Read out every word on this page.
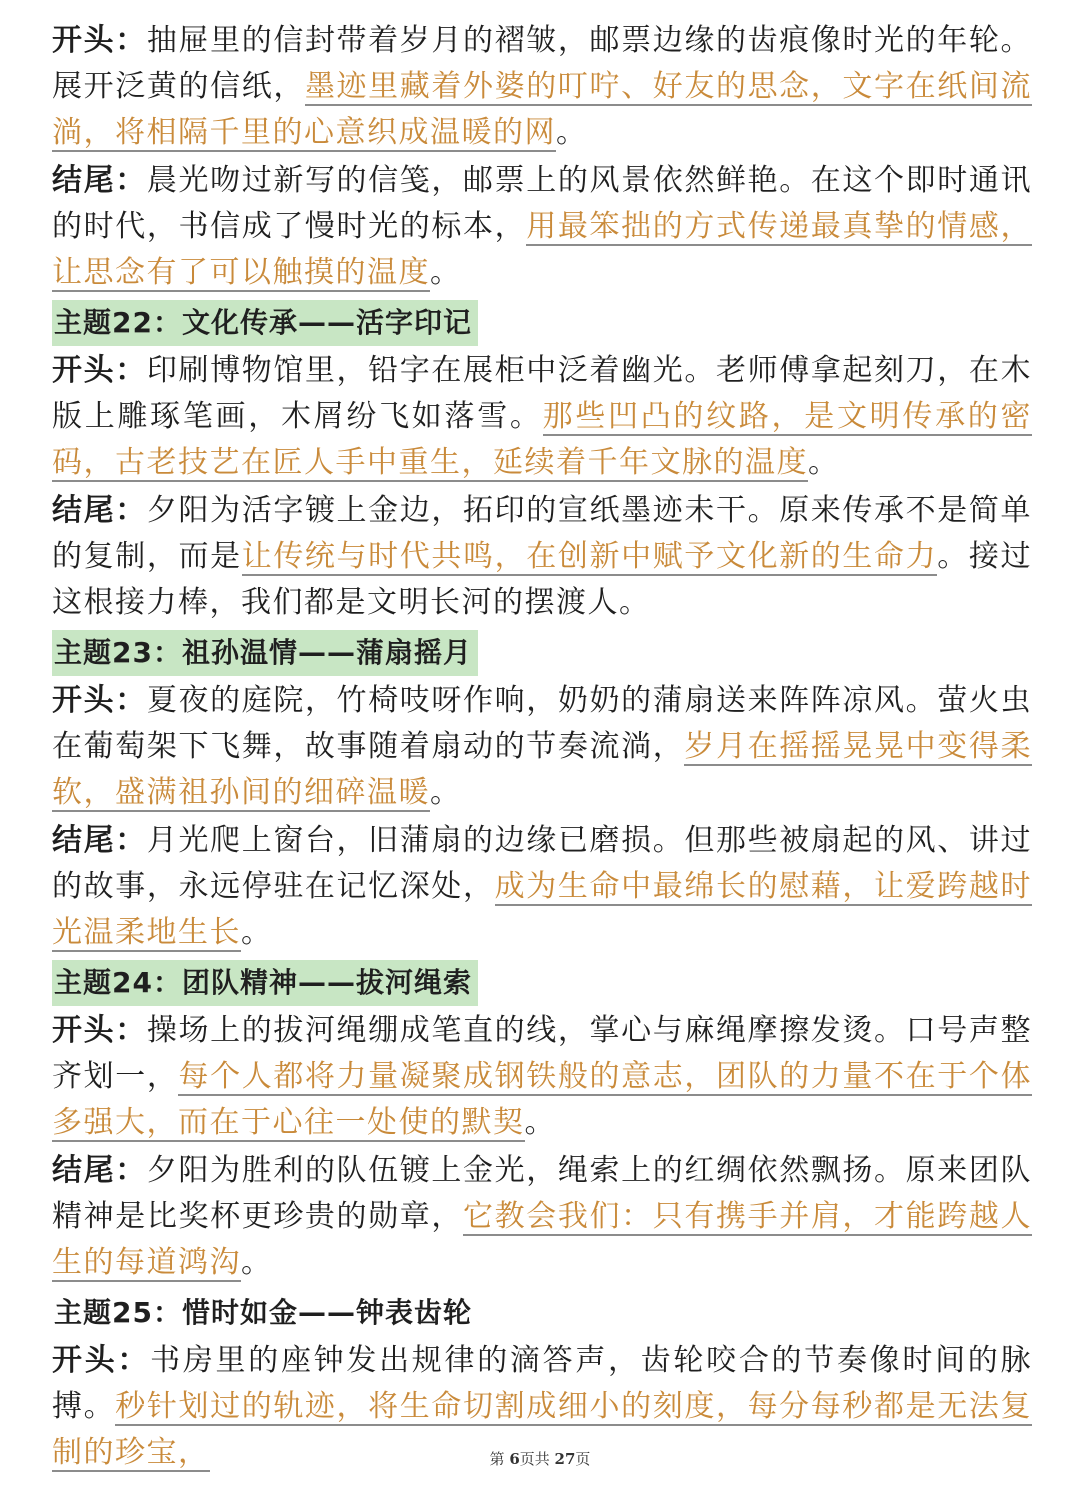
开头：抽屉里的信封带着岁月的褶皱，邮票边缘的齿痕像时光的年轮。展开泛黄的信纸，墨迹里藏着外婆的叮咛、好友的思念，文字在纸间流淌，将相隔千里的心意织成温暖的网。

结尾：晨光吻过新写的信笺，邮票上的风景依然鲜艳。在这个即时通讯的时代，书信成了慢时光的标本，用最笨拙的方式传递最真挚的情感，让思念有了可以触摸的温度。

主题22：文化传承——活字印记

开头：印刷博物馆里，铅字在展柜中泛着幽光。老师傅拿起刻刀，在木版上雕琢笔画，木屑纷飞如落雪。那些凹凸的纹路，是文明传承的密码，古老技艺在匠人手中重生，延续着千年文脉的温度。

结尾：夕阳为活字镀上金边，拓印的宣纸墨迹未干。原来传承不是简单的复制，而是让传统与时代共鸣，在创新中赋予文化新的生命力。接过这根接力棒，我们都是文明长河的摆渡人。

主题23：祖孙温情——蒲扇摇月

开头：夏夜的庭院，竹椅吱呀作响，奶奶的蒲扇送来阵阵凉风。萤火虫在葡萄架下飞舞，故事随着扇动的节奏流淌，岁月在摇摇晃晃中变得柔软，盛满祖孙间的细碎温暖。

结尾：月光爬上窗台，旧蒲扇的边缘已磨损。但那些被扇起的风、讲过的故事，永远停驻在记忆深处，成为生命中最绵长的慰藉，让爱跨越时光温柔地生长。

主题24：团队精神——拔河绳索

开头：操场上的拔河绳绷成笔直的线，掌心与麻绳摩擦发烫。口号声整齐划一，每个人都将力量凝聚成钢铁般的意志，团队的力量不在于个体多强大，而在于心往一处使的默契。

结尾：夕阳为胜利的队伍镀上金光，绳索上的红绸依然飘扬。原来团队精神是比奖杯更珍贵的勋章，它教会我们：只有携手并肩，才能跨越人生的每道鸿沟。

主题25：惜时如金——钟表齿轮

开头：书房里的座钟发出规律的滴答声，齿轮咬合的节奏像时间的脉搏。秒针划过的轨迹，将生命切割成细小的刻度，每分每秒都是无法复制的珍宝，	第 6页共 27页
